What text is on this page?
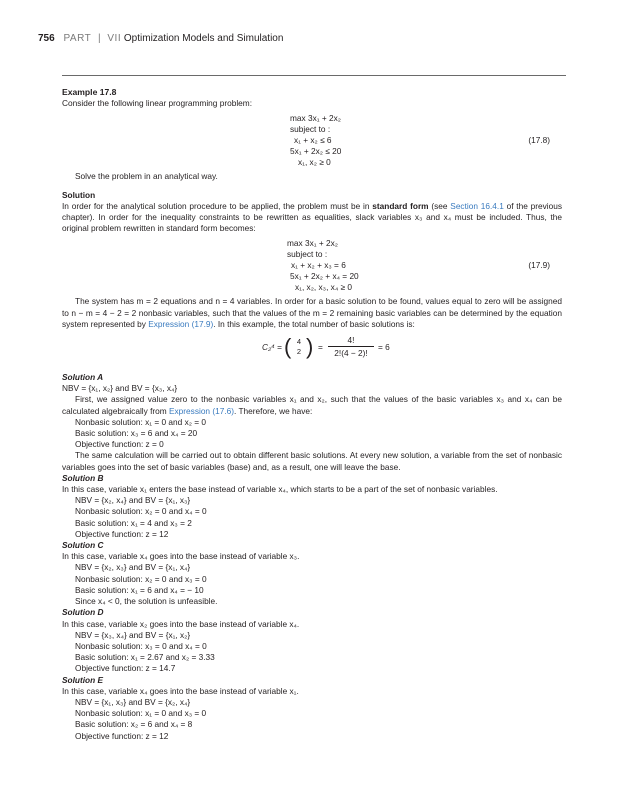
756 PART | VII Optimization Models and Simulation

Example 17.8

Consider the following linear programming problem:

max 3x₁ + 2x₂
subject to :
x₁ + x₂ ≤ 6
5x₁ + 2x₂ ≤ 20
x₁, x₂ ≥ 0
(17.8)

Solve the problem in an analytical way.

Solution

In order for the analytical solution procedure to be applied, the problem must be in standard form (see Section 16.4.1 of the previous chapter). In order for the inequality constraints to be rewritten as equalities, slack variables x₃ and x₄ must be included. Thus, the original problem rewritten in standard form becomes:

max 3x₁ + 2x₂
subject to :
x₁ + x₂ + x₃ = 6
5x₁ + 2x₂ + x₄ = 20
x₁, x₂, x₃, x₄ ≥ 0
(17.9)

The system has m = 2 equations and n = 4 variables. In order for a basic solution to be found, values equal to zero will be assigned to n − m = 4 − 2 = 2 nonbasic variables, such that the values of the m = 2 remaining basic variables can be determined by the equation system represented by Expression (17.9). In this example, the total number of basic solutions is:

C₂⁴ = ( 4
2 ) = $\frac{4!}{2!(4 - 2)!} = 6$

Solution A

NBV = {x₁, x₂} and BV = {x₃, x₄}

First, we assigned value zero to the nonbasic variables x₁ and x₂, such that the values of the basic variables x₃ and x₄ can be calculated algebraically from Expression (17.6). Therefore, we have:

Nonbasic solution: x₁ = 0 and x₂ = 0

Basic solution: x₃ = 6 and x₄ = 20

Objective function: z = 0

The same calculation will be carried out to obtain different basic solutions. At every new solution, a variable from the set of nonbasic variables goes into the set of basic variables (base) and, as a result, one will leave the base.

Solution B

In this case, variable x₁ enters the base instead of variable x₄, which starts to be a part of the set of nonbasic variables.

NBV = {x₂, x₄} and BV = {x₁, x₃}

Nonbasic solution: x₂ = 0 and x₄ = 0

Basic solution: x₁ = 4 and x₃ = 2

Objective function: z = 12

Solution C

In this case, variable x₄ goes into the base instead of variable x₃.

NBV = {x₂, x₃} and BV = {x₁, x₄}

Nonbasic solution: x₂ = 0 and x₃ = 0

Basic solution: x₁ = 6 and x₄ = − 10

Since x₄ < 0, the solution is unfeasible.

Solution D

In this case, variable x₂ goes into the base instead of variable x₄.

NBV = {x₃, x₄} and BV = {x₁, x₂}

Nonbasic solution: x₃ = 0 and x₄ = 0

Basic solution: x₁ = 2.67 and x₂ = 3.33

Objective function: z = 14.7

Solution E

In this case, variable x₄ goes into the base instead of variable x₁.

NBV = {x₁, x₃} and BV = {x₂, x₄}

Nonbasic solution: x₁ = 0 and x₃ = 0

Basic solution: x₂ = 6 and x₄ = 8

Objective function: z = 12
